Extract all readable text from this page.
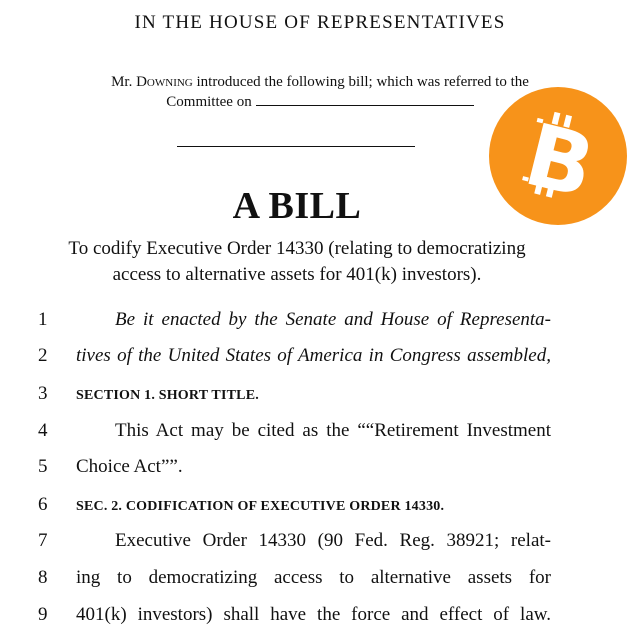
IN THE HOUSE OF REPRESENTATIVES
Mr. Downing introduced the following bill; which was referred to the
Committee on
B
A BILL
To codify Executive Order 14330 (relating to democratizing
access to alternative assets for 401(k) investors).
1	Be it enacted by the Senate and House of Representa-
2	tives of the United States of America in Congress assembled,
3	SECTION 1. SHORT TITLE.
4	This Act may be cited as the ““Retirement Investment
5	Choice Act””.
6	SEC. 2. CODIFICATION OF EXECUTIVE ORDER 14330.
7	Executive Order 14330 (90 Fed. Reg. 38921; relat-
8	ing to democratizing access to alternative assets for
9	401(k) investors) shall have the force and effect of law.
